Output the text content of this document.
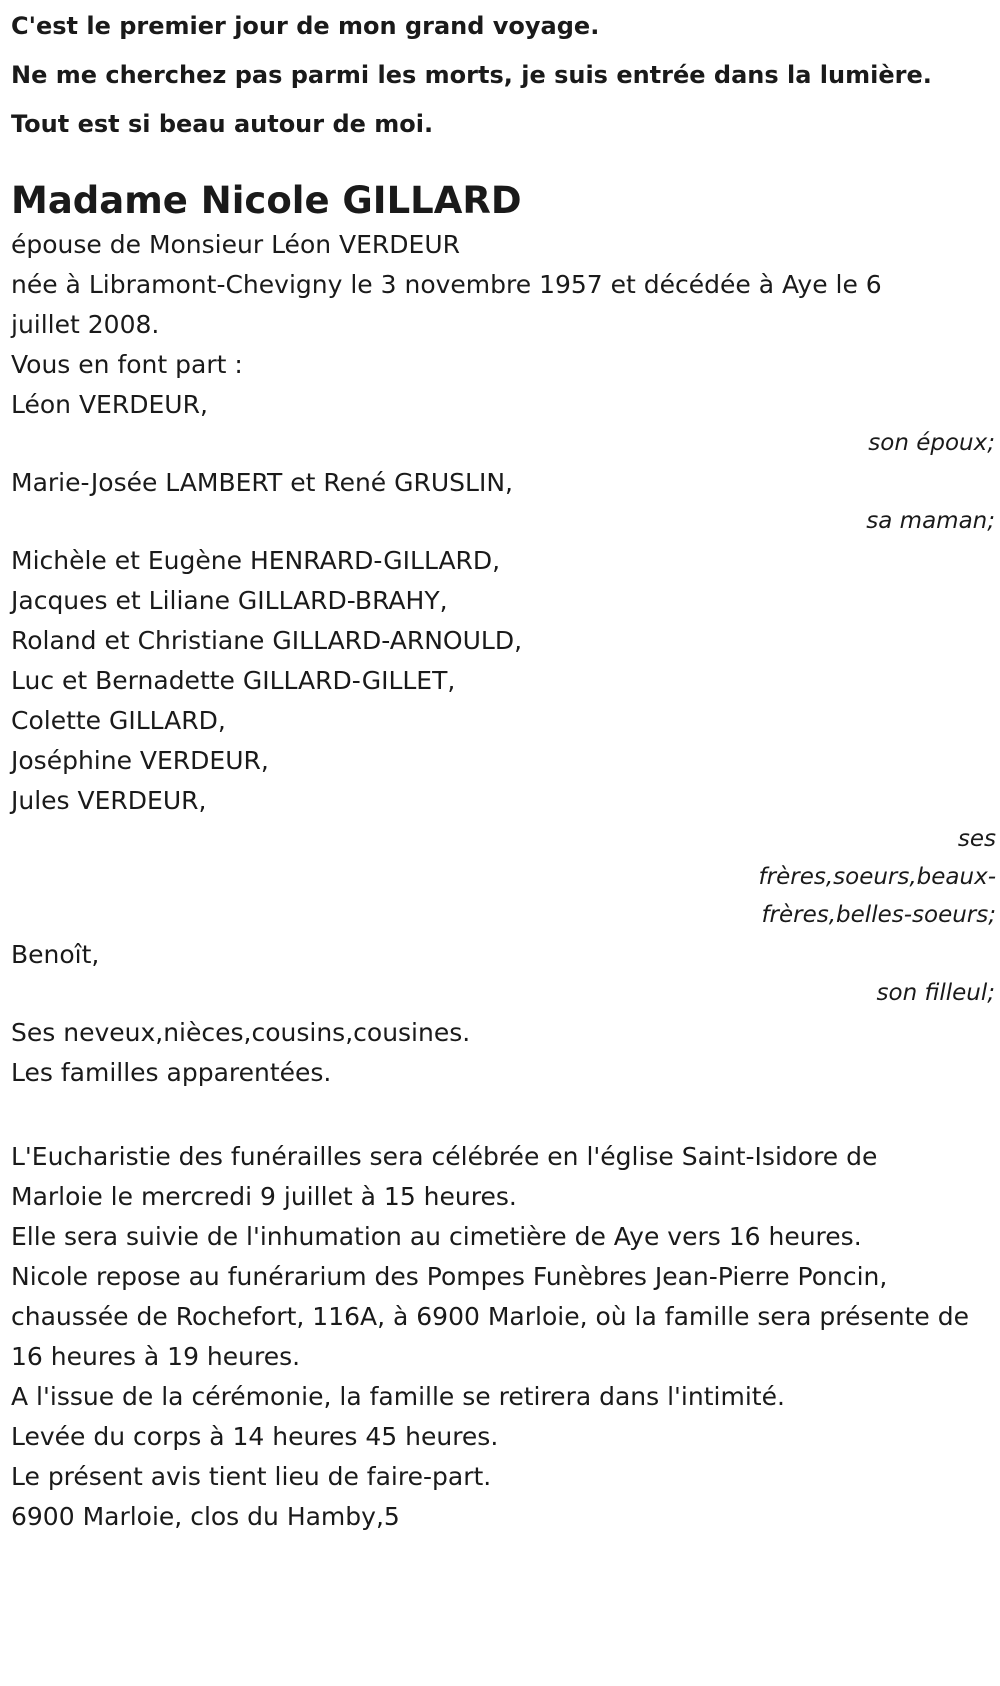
C'est le premier jour de mon grand voyage.

Ne me cherchez pas parmi les morts, je suis entrée dans la lumière.

Tout est si beau autour de moi.

Madame Nicole GILLARD

épouse de Monsieur Léon VERDEUR

née à Libramont-Chevigny le 3 novembre 1957 et décédée à Aye le 6 juillet 2008.

Vous en font part :

Léon VERDEUR,

son époux;

Marie-Josée LAMBERT et René GRUSLIN,

sa maman;

Michèle et Eugène HENRARD-GILLARD,

Jacques et Liliane GILLARD-BRAHY,

Roland et Christiane GILLARD-ARNOULD,

Luc et Bernadette GILLARD-GILLET,

Colette GILLARD,

Joséphine VERDEUR,

Jules VERDEUR,

ses

frères,soeurs,beaux-

frères,belles-soeurs;

Benoît,

son filleul;

Ses neveux,nièces,cousins,cousines.

Les familles apparentées.

L'Eucharistie des funérailles sera célébrée en l'église Saint-Isidore de Marloie le mercredi 9 juillet à 15 heures.

Elle sera suivie de l'inhumation au cimetière de Aye vers 16 heures.

Nicole repose au funérarium des Pompes Funèbres Jean-Pierre Poncin, chaussée de Rochefort, 116A, à 6900 Marloie, où la famille sera présente de 16 heures à 19 heures.

A l'issue de la cérémonie, la famille se retirera dans l'intimité.

Levée du corps à 14 heures 45 heures.

Le présent avis tient lieu de faire-part.

6900 Marloie, clos du Hamby,5
